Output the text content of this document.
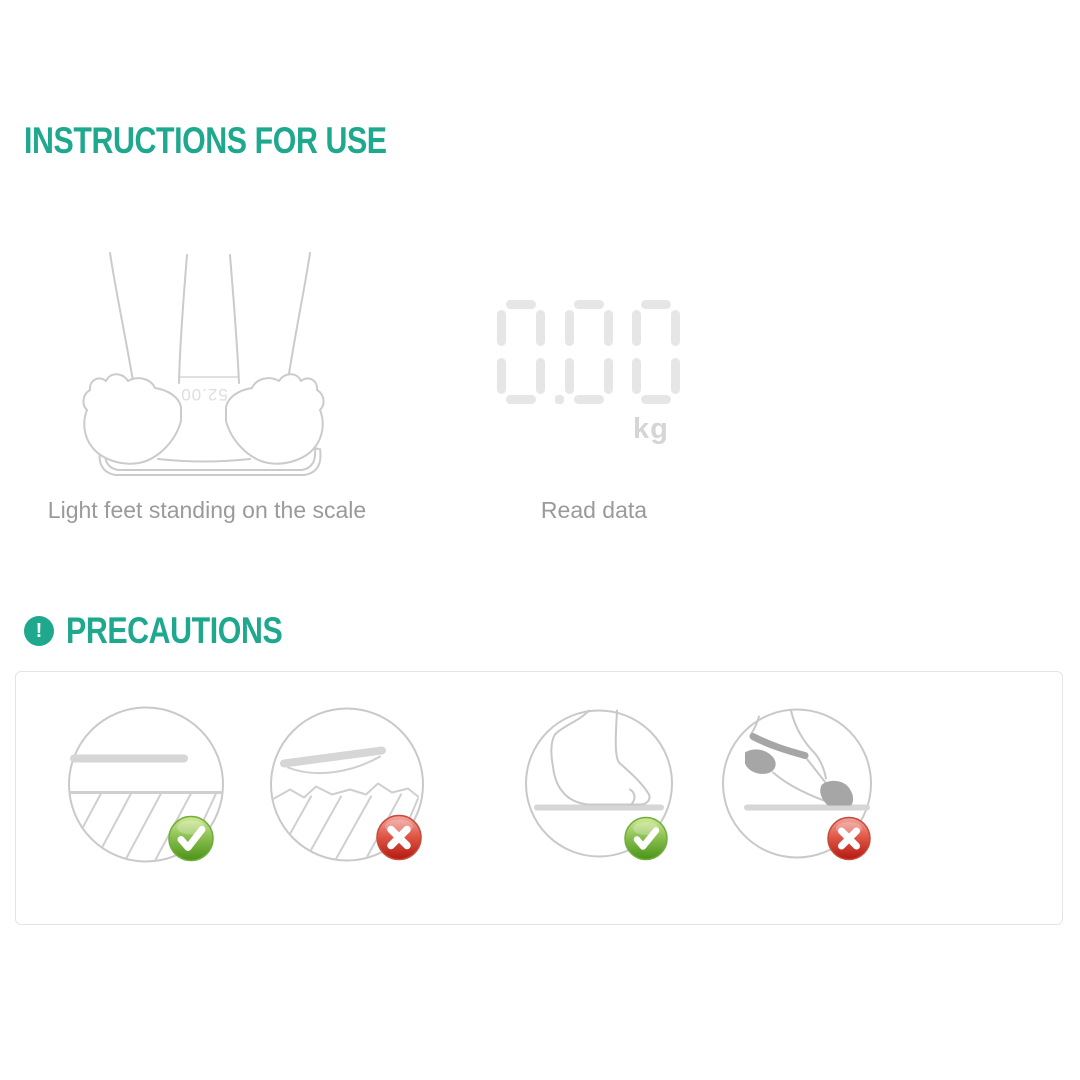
INSTRUCTIONS FOR USE
52.00
kg
Light feet standing on the scale	Read data
! PRECAUTIONS
